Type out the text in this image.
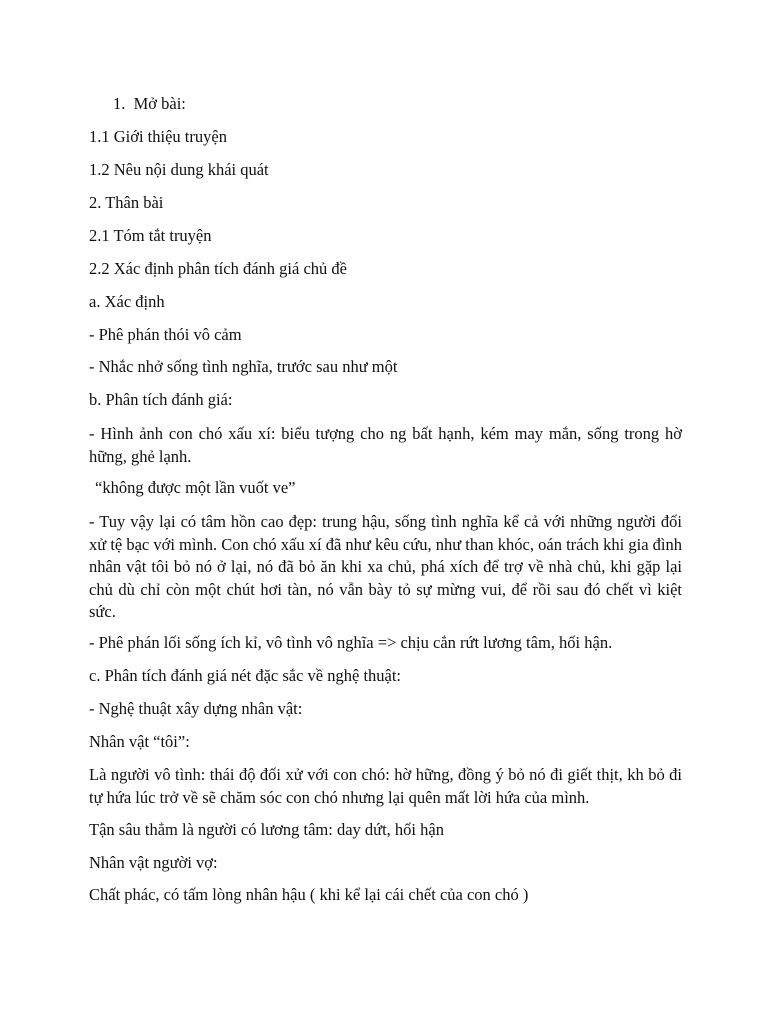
1.  Mở bài:
1.1 Giới thiệu truyện
1.2 Nêu nội dung khái quát
2. Thân bài
2.1 Tóm tắt truyện
2.2 Xác định phân tích đánh giá chủ đề
a. Xác định
- Phê phán thói vô cảm
- Nhắc nhở sống tình nghĩa, trước sau như một
b. Phân tích đánh giá:
- Hình ảnh con chó xấu xí: biểu tượng cho ng bất hạnh, kém may mắn, sống trong hờ hững, ghẻ lạnh.
“không được một lần vuốt ve”
- Tuy vậy lại có tâm hồn cao đẹp: trung hậu, sống tình nghĩa kể cả với những người đối xử tệ bạc với mình. Con chó xấu xí đã như kêu cứu, như than khóc, oán trách khi gia đình nhân vật tôi bỏ nó ở lại, nó đã bỏ ăn khi xa chủ, phá xích để trợ về nhà chủ, khi gặp lại chủ dù chỉ còn một chút hơi tàn, nó vẫn bày tỏ sự mừng vui, để rồi sau đó chết vì kiệt sức.
- Phê phán lối sống ích kỉ, vô tình vô nghĩa => chịu cắn rứt lương tâm, hối hận.
c. Phân tích đánh giá nét đặc sắc về nghệ thuật:
- Nghệ thuật xây dựng nhân vật:
Nhân vật “tôi”:
Là người vô tình: thái độ đối xử với con chó: hờ hững, đồng ý bỏ nó đi giết thịt, kh bỏ đi tự hứa lúc trở về sẽ chăm sóc con chó nhưng lại quên mất lời hứa của mình.
Tận sâu thẳm là người có lương tâm: day dứt, hối hận
Nhân vật người vợ:
Chất phác, có tấm lòng nhân hậu ( khi kể lại cái chết của con chó )
